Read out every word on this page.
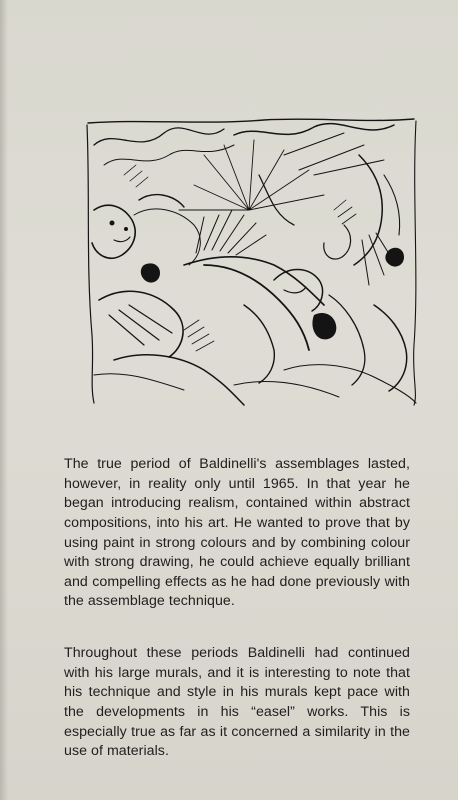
The true period of Baldinelli's assemblages lasted, however, in reality only until 1965. In that year he began introducing realism, contained within abstract compositions, into his art. He wanted to prove that by using paint in strong colours and by combining colour with strong drawing, he could achieve equally brilliant and compelling effects as he had done previously with the assemblage technique.

Throughout these periods Baldinelli had continued with his large murals, and it is interesting to note that his technique and style in his murals kept pace with the developments in his “easel” works. This is especially true as far as it concerned a similarity in the use of materials.
